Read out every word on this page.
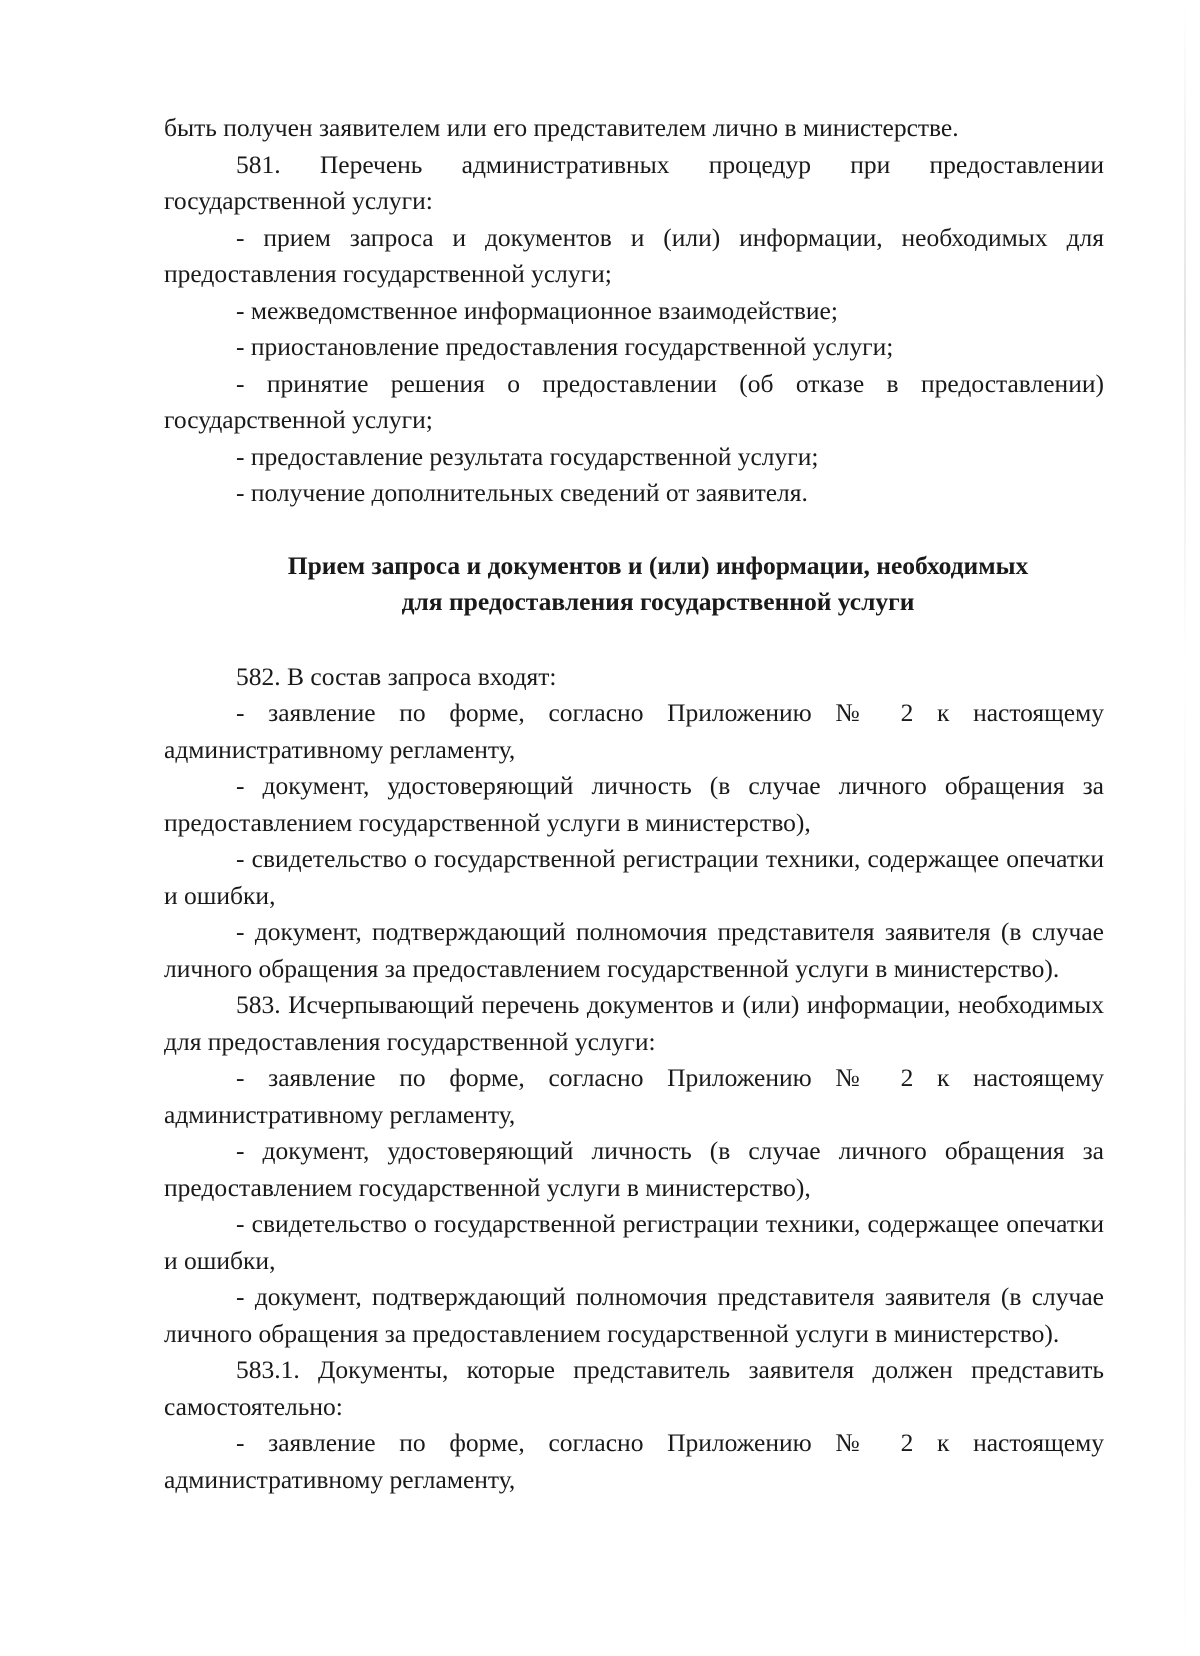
быть получен заявителем или его представителем лично в министерстве.

581. Перечень административных процедур при предоставлении государственной услуги:

- прием запроса и документов и (или) информации, необходимых для предоставления государственной услуги;

- межведомственное информационное взаимодействие;

- приостановление предоставления государственной услуги;

- принятие решения о предоставлении (об отказе в предоставлении) государственной услуги;

- предоставление результата государственной услуги;

- получение дополнительных сведений от заявителя.

Прием запроса и документов и (или) информации, необходимых

для предоставления государственной услуги

582. В состав запроса входят:

- заявление по форме, согласно Приложению № 2 к настоящему административному регламенту,

- документ, удостоверяющий личность (в случае личного обращения за предоставлением государственной услуги в министерство),

- свидетельство о государственной регистрации техники, содержащее опечатки и ошибки,

- документ, подтверждающий полномочия представителя заявителя (в случае личного обращения за предоставлением государственной услуги в министерство).

583. Исчерпывающий перечень документов и (или) информации, необходимых для предоставления государственной услуги:

- заявление по форме, согласно Приложению № 2 к настоящему административному регламенту,

- документ, удостоверяющий личность (в случае личного обращения за предоставлением государственной услуги в министерство),

- свидетельство о государственной регистрации техники, содержащее опечатки и ошибки,

- документ, подтверждающий полномочия представителя заявителя (в случае личного обращения за предоставлением государственной услуги в министерство).

583.1. Документы, которые представитель заявителя должен представить самостоятельно:

- заявление по форме, согласно Приложению № 2 к настоящему административному регламенту,
